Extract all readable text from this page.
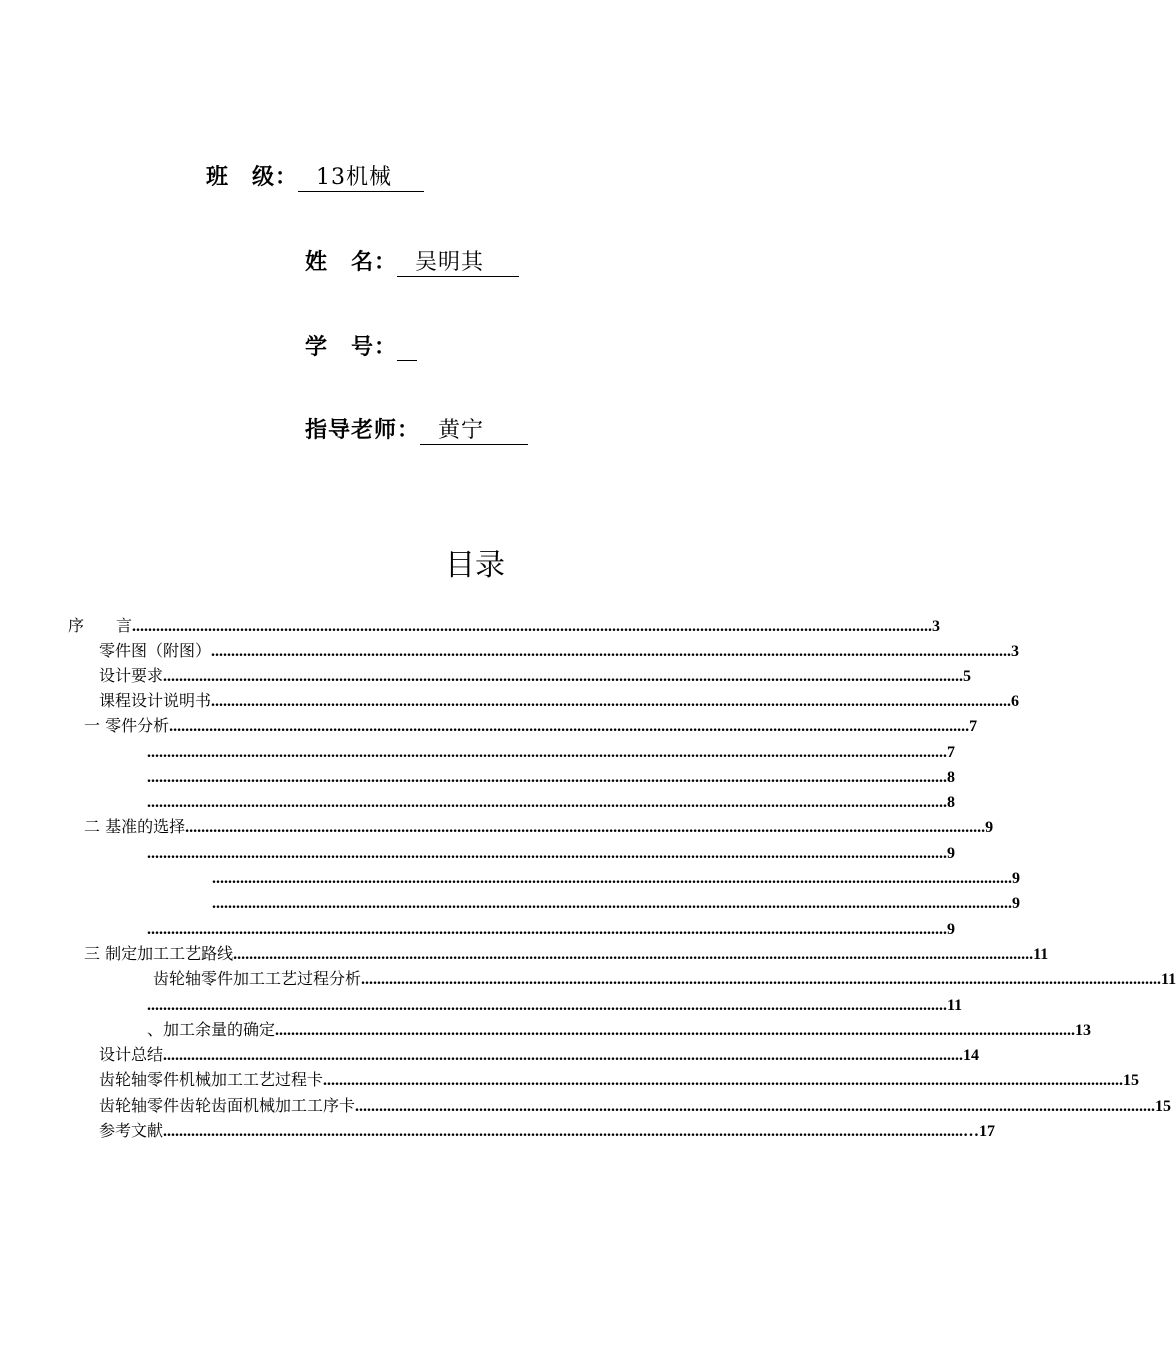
班　级： 13机械
姓　名： 吴明其
学　号：
指导老师： 黄宁
目录
序　　言 ........................................................................................................................................................................................................ 3
零件图（附图） ........................................................................................................................................................................................................ 3
设计要求 ........................................................................................................................................................................................................ 5
课程设计说明书 ........................................................................................................................................................................................................ 6
一 零件分析 ........................................................................................................................................................................................................ 7
........................................................................................................................................................................................................ 7
........................................................................................................................................................................................................ 8
........................................................................................................................................................................................................ 8
二 基准的选择 ........................................................................................................................................................................................................ 9
........................................................................................................................................................................................................ 9
........................................................................................................................................................................................................ 9
........................................................................................................................................................................................................ 9
........................................................................................................................................................................................................ 9
三 制定加工工艺路线 ........................................................................................................................................................................................................ 11
齿轮轴零件加工工艺过程分析 ........................................................................................................................................................................................................ 11
........................................................................................................................................................................................................ 11
、加工余量的确定 ........................................................................................................................................................................................................ 13
设计总结 ........................................................................................................................................................................................................ 14
齿轮轴零件机械加工工艺过程卡 ........................................................................................................................................................................................................ 15
齿轮轴零件齿轮齿面机械加工工序卡 ........................................................................................................................................................................................................ 15
参考文献 ........................................................................................................................................................................................................ …17
